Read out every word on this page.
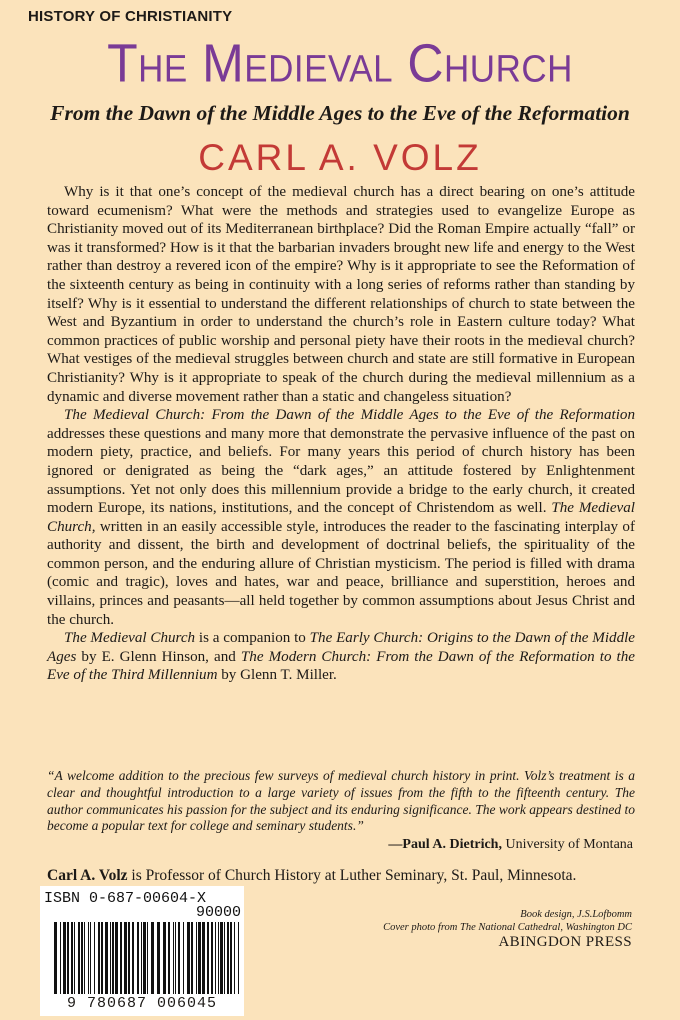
HISTORY OF CHRISTIANITY
The Medieval Church
From the Dawn of the Middle Ages to the Eve of the Reformation
CARL A. VOLZ

Why is it that one’s concept of the medieval church has a direct bearing on one’s attitude toward ecumenism? What were the methods and strategies used to evangelize Europe as Christianity moved out of its Mediterranean birthplace? Did the Roman Empire actually “fall” or was it transformed? How is it that the barbarian invaders brought new life and energy to the West rather than destroy a revered icon of the empire? Why is it appropriate to see the Reformation of the sixteenth century as being in continuity with a long series of reforms rather than standing by itself? Why is it essential to understand the different relationships of church to state between the West and Byzantium in order to understand the church’s role in Eastern culture today? What common practices of public worship and personal piety have their roots in the medieval church? What vestiges of the medieval struggles between church and state are still formative in European Christianity? Why is it appropriate to speak of the church during the medieval millennium as a dynamic and diverse movement rather than a static and changeless situation?

The Medieval Church: From the Dawn of the Middle Ages to the Eve of the Reformation addresses these questions and many more that demonstrate the pervasive influence of the past on modern piety, practice, and beliefs. For many years this period of church history has been ignored or denigrated as being the “dark ages,” an attitude fostered by Enlightenment assumptions. Yet not only does this millennium provide a bridge to the early church, it created modern Europe, its nations, institutions, and the concept of Christendom as well. The Medieval Church, written in an easily accessible style, introduces the reader to the fascinating interplay of authority and dissent, the birth and development of doctrinal beliefs, the spirituality of the common person, and the enduring allure of Christian mysticism. The period is filled with drama (comic and tragic), loves and hates, war and peace, brilliance and superstition, heroes and villains, princes and peasants—all held together by common assumptions about Jesus Christ and the church.

The Medieval Church is a companion to The Early Church: Origins to the Dawn of the Middle Ages by E. Glenn Hinson, and The Modern Church: From the Dawn of the Reformation to the Eve of the Third Millennium by Glenn T. Miller.

“A welcome addition to the precious few surveys of medieval church history in print. Volz’s treatment is a clear and thoughtful introduction to a large variety of issues from the fifth to the fifteenth century. The author communicates his passion for the subject and its enduring significance. The work appears destined to become a popular text for college and seminary students.”

—Paul A. Dietrich, University of Montana
Carl A. Volz is Professor of Church History at Luther Seminary, St. Paul, Minnesota.
ISBN 0-687-00604-X
90000
9 780687 006045
Book design, J.S.Lofbomm
Cover photo from The National Cathedral, Washington DC
ABINGDON PRESS
